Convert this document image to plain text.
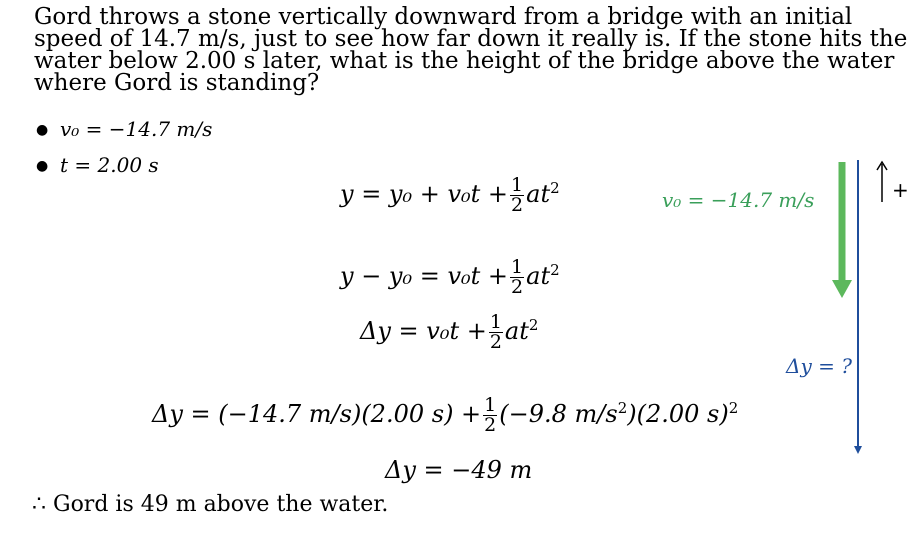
Gord throws a stone vertically downward from a bridge with an initial speed of 14.7 m/s, just to see how far down it really is. If the stone hits the water below 2.00 s later, what is the height of the bridge above the water where Gord is standing?
● v₀ = −14.7 m/s
● t = 2.00 s
$y = y_0 + v_0t + \frac{1}{2} at^2$
$y - y_0 = v_0t + \frac{1}{2} at^2$
$\Delta y = v_0t + \frac{1}{2} at^2$
Δy = (−14.7 m/s)(2.00 $s) + \frac{1}{2} (-9.8$ $m/s^2)(2.00$ s)$^2$
Δy = −49 m
v₀ = −14.7 m/s
Δy = ?
+
∴ Gord is 49 m above the water.
